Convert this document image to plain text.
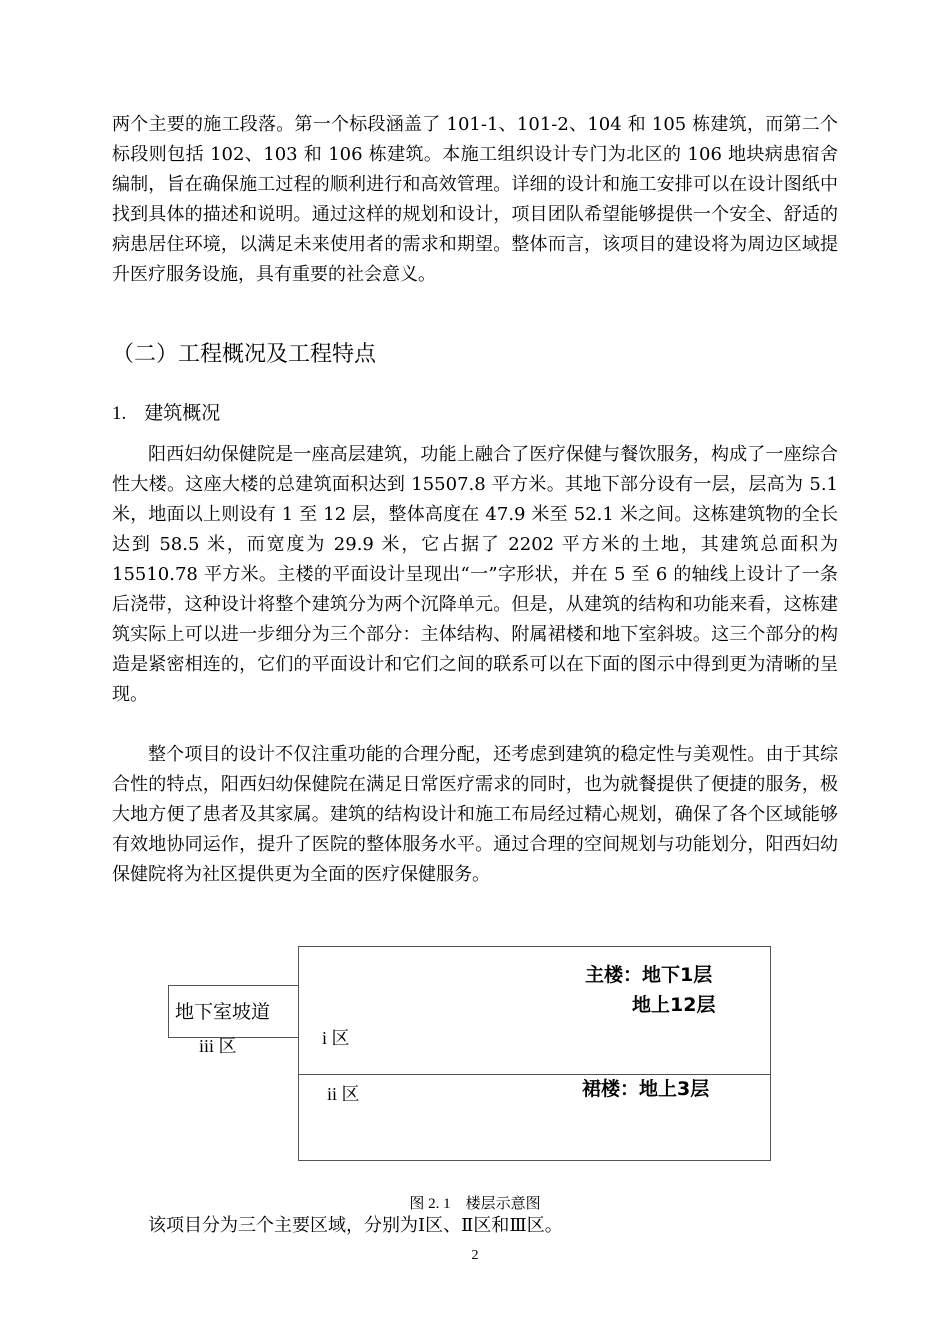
两个主要的施工段落。第一个标段涵盖了 101-1、101-2、104 和 105 栋建筑，而第二个标段则包括 102、103 和 106 栋建筑。本施工组织设计专门为北区的 106 地块病患宿舍编制，旨在确保施工过程的顺利进行和高效管理。详细的设计和施工安排可以在设计图纸中找到具体的描述和说明。通过这样的规划和设计，项目团队希望能够提供一个安全、舒适的病患居住环境，以满足未来使用者的需求和期望。整体而言，该项目的建设将为周边区域提升医疗服务设施，具有重要的社会意义。

（二）工程概况及工程特点
1. 建筑概况

阳西妇幼保健院是一座高层建筑，功能上融合了医疗保健与餐饮服务，构成了一座综合性大楼。这座大楼的总建筑面积达到 15507.8 平方米。其地下部分设有一层，层高为 5.1 米，地面以上则设有 1 至 12 层，整体高度在 47.9 米至 52.1 米之间。这栋建筑物的全长达到 58.5 米，而宽度为 29.9 米，它占据了 2202 平方米的土地，其建筑总面积为 15510.78 平方米。主楼的平面设计呈现出“一”字形状，并在 5 至 6 的轴线上设计了一条后浇带，这种设计将整个建筑分为两个沉降单元。但是，从建筑的结构和功能来看，这栋建筑实际上可以进一步细分为三个部分：主体结构、附属裙楼和地下室斜坡。这三个部分的构造是紧密相连的，它们的平面设计和它们之间的联系可以在下面的图示中得到更为清晰的呈现。

整个项目的设计不仅注重功能的合理分配，还考虑到建筑的稳定性与美观性。由于其综合性的特点，阳西妇幼保健院在满足日常医疗需求的同时，也为就餐提供了便捷的服务，极大地方便了患者及其家属。建筑的结构设计和施工布局经过精心规划，确保了各个区域能够有效地协同运作，提升了医院的整体服务水平。通过合理的空间规划与功能划分，阳西妇幼保健院将为社区提供更为全面的医疗保健服务。

地下室坡道
iii 区	i 区
ii 区
主楼：地下1层
地上12层
裙楼：地上3层
图 2. 1　楼层示意图

该项目分为三个主要区域，分别为Ⅰ区、Ⅱ区和Ⅲ区。

2
